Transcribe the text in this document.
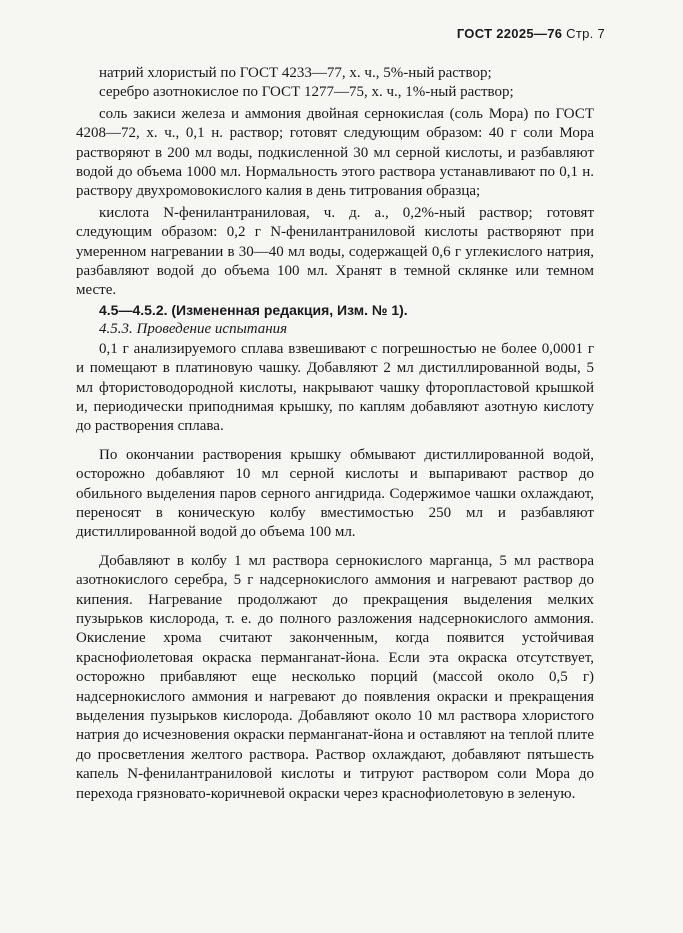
ГОСТ 22025—76 Стр. 7

натрий хлористый по ГОСТ 4233—77, х. ч., 5%-ный раствор;

серебро азотнокислое по ГОСТ 1277—75, х. ч., 1%-ный раствор;

соль закиси железа и аммония двойная сернокислая (соль Мора) по ГОСТ 4208—72, х. ч., 0,1 н. раствор; готовят следующим образом: 40 г соли Мора растворяют в 200 мл воды, подкисленной 30 мл серной кислоты, и разбавляют водой до объема 1000 мл. Нормальность этого раствора устанавливают по 0,1 н. раствору двухромовокислого калия в день титрования образца;

кислота N-фенилантраниловая, ч. д. а., 0,2%-ный раствор; готовят следующим образом: 0,2 г N-фенилантраниловой кислоты растворяют при умеренном нагревании в 30—40 мл воды, содержащей 0,6 г углекислого натрия, разбавляют водой до объема 100 мл. Хранят в темной склянке или темном месте.

4.5—4.5.2. (Измененная редакция, Изм. № 1).

4.5.3. Проведение испытания

0,1 г анализируемого сплава взвешивают с погрешностью не более 0,0001 г и помещают в платиновую чашку. Добавляют 2 мл дистиллированной воды, 5 мл фтористоводородной кислоты, накрывают чашку фторопластовой крышкой и, периодически приподнимая крышку, по каплям добавляют азотную кислоту до растворения сплава.

По окончании растворения крышку обмывают дистиллированной водой, осторожно добавляют 10 мл серной кислоты и выпаривают раствор до обильного выделения паров серного ангидрида. Содержимое чашки охлаждают, переносят в коническую колбу вместимостью 250 мл и разбавляют дистиллированной водой до объема 100 мл.

Добавляют в колбу 1 мл раствора сернокислого марганца, 5 мл раствора азотнокислого серебра, 5 г надсернокислого аммония и нагревают раствор до кипения. Нагревание продолжают до прекращения выделения мелких пузырьков кислорода, т. е. до полного разложения надсернокислого аммония. Окисление хрома считают законченным, когда появится устойчивая краснофиолетовая окраска перманганат-йона. Если эта окраска отсутствует, осторожно прибавляют еще несколько порций (массой около 0,5 г) надсернокислого аммония и нагревают до появления окраски и прекращения выделения пузырьков кислорода. Добавляют около 10 мл раствора хлористого натрия до исчезновения окраски перманганат-йона и оставляют на теплой плите до просветления желтого раствора. Раствор охлаждают, добавляют пятьшесть капель N-фенилантраниловой кислоты и титруют раствором соли Мора до перехода грязновато-коричневой окраски через краснофиолетовую в зеленую.
